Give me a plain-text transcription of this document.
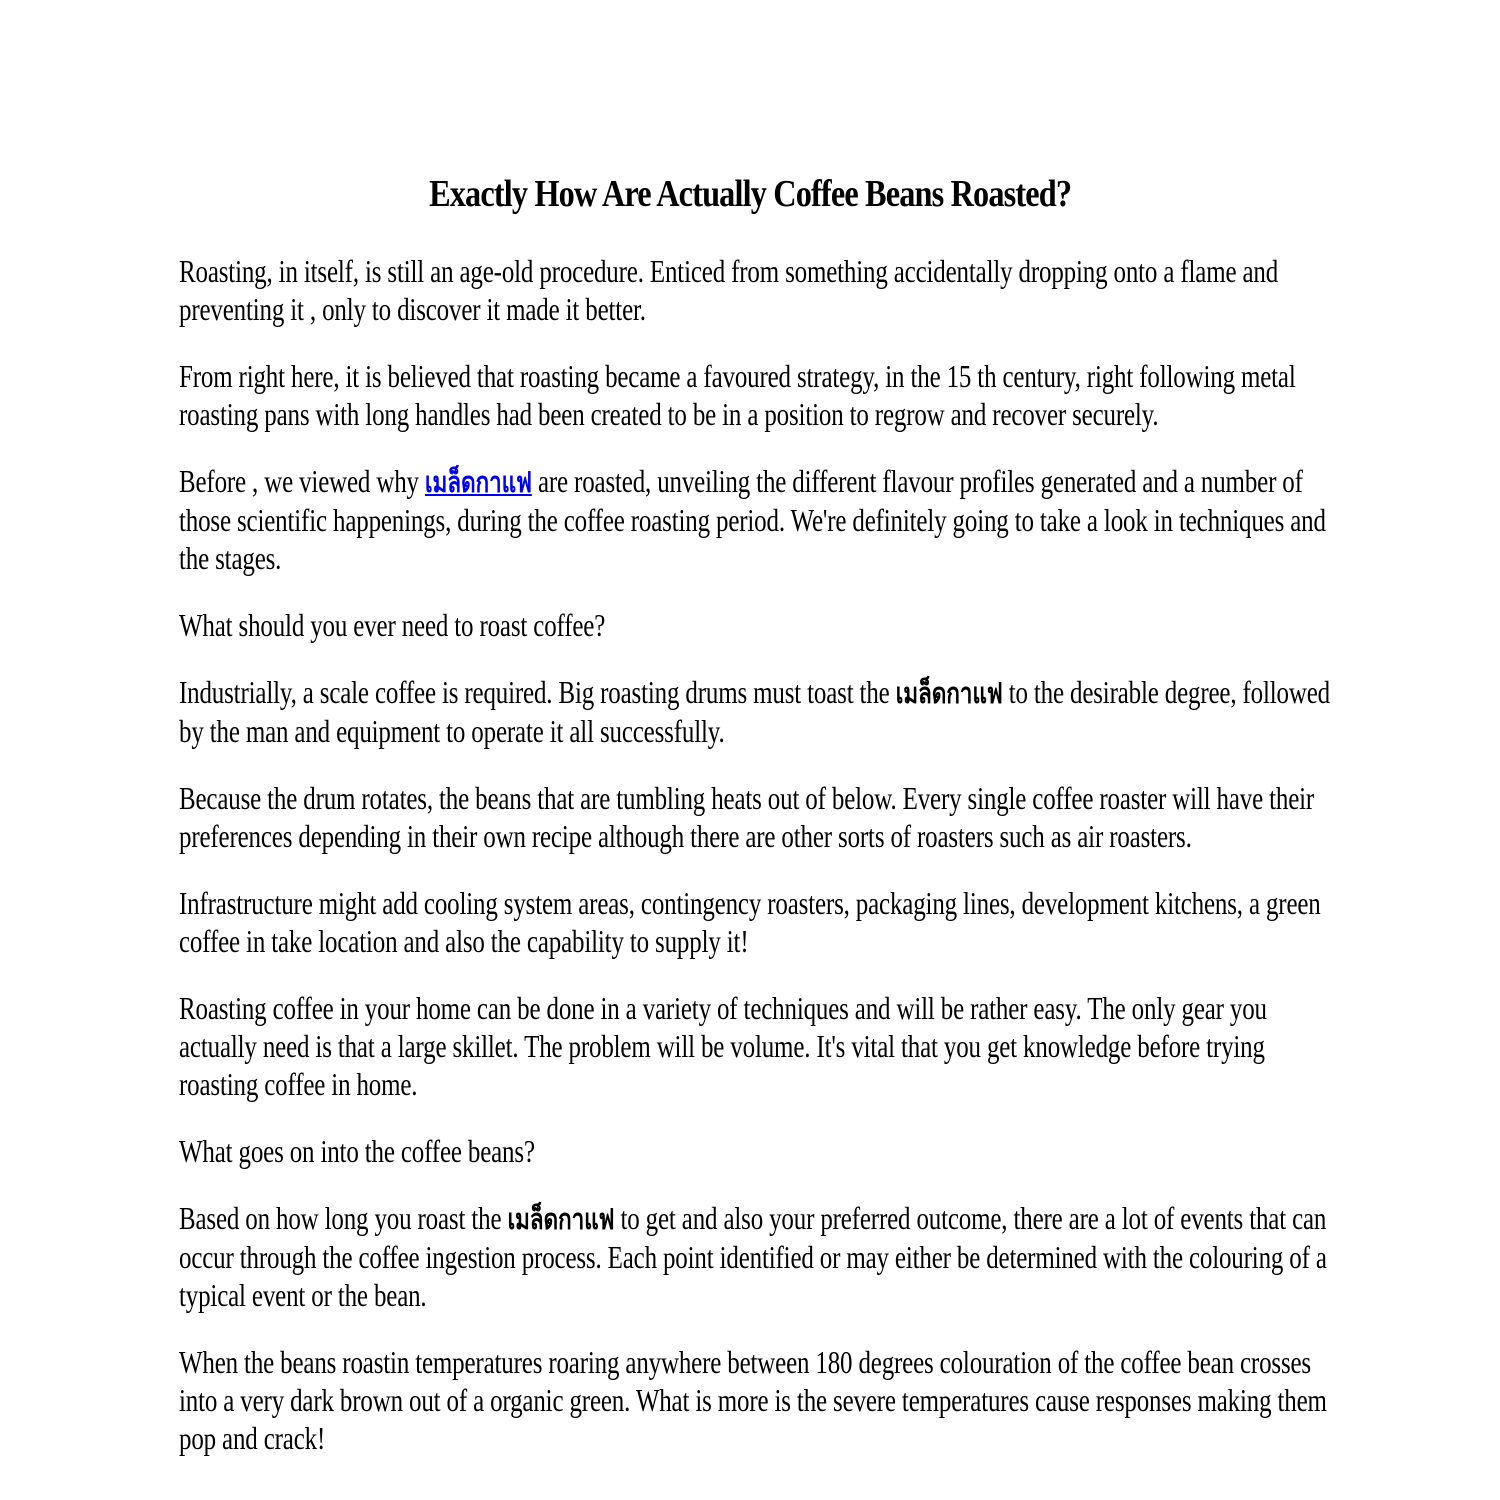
Exactly How Are Actually Coffee Beans Roasted?

Roasting, in itself, is still an age-old procedure. Enticed from something accidentally dropping onto a flame and preventing it , only to discover it made it better.

From right here, it is believed that roasting became a favoured strategy, in the 15 th century, right following metal roasting pans with long handles had been created to be in a position to regrow and recover securely.

Before , we viewed why เมล็ดกาแฟ are roasted, unveiling the different flavour profiles generated and a number of those scientific happenings, during the coffee roasting period. We're definitely going to take a look in techniques and the stages.

What should you ever need to roast coffee?

Industrially, a scale coffee is required. Big roasting drums must toast the เมล็ดกาแฟ to the desirable degree, followed by the man and equipment to operate it all successfully.

Because the drum rotates, the beans that are tumbling heats out of below. Every single coffee roaster will have their preferences depending in their own recipe although there are other sorts of roasters such as air roasters.

Infrastructure might add cooling system areas, contingency roasters, packaging lines, development kitchens, a green coffee in take location and also the capability to supply it!

Roasting coffee in your home can be done in a variety of techniques and will be rather easy. The only gear you actually need is that a large skillet. The problem will be volume. It's vital that you get knowledge before trying roasting coffee in home.

What goes on into the coffee beans?

Based on how long you roast the เมล็ดกาแฟ to get and also your preferred outcome, there are a lot of events that can occur through the coffee ingestion process. Each point identified or may either be determined with the colouring of a typical event or the bean.

When the beans roastin temperatures roaring anywhere between 180 degrees colouration of the coffee bean crosses into a very dark brown out of a organic green. What is more is the severe temperatures cause responses making them pop and crack!
